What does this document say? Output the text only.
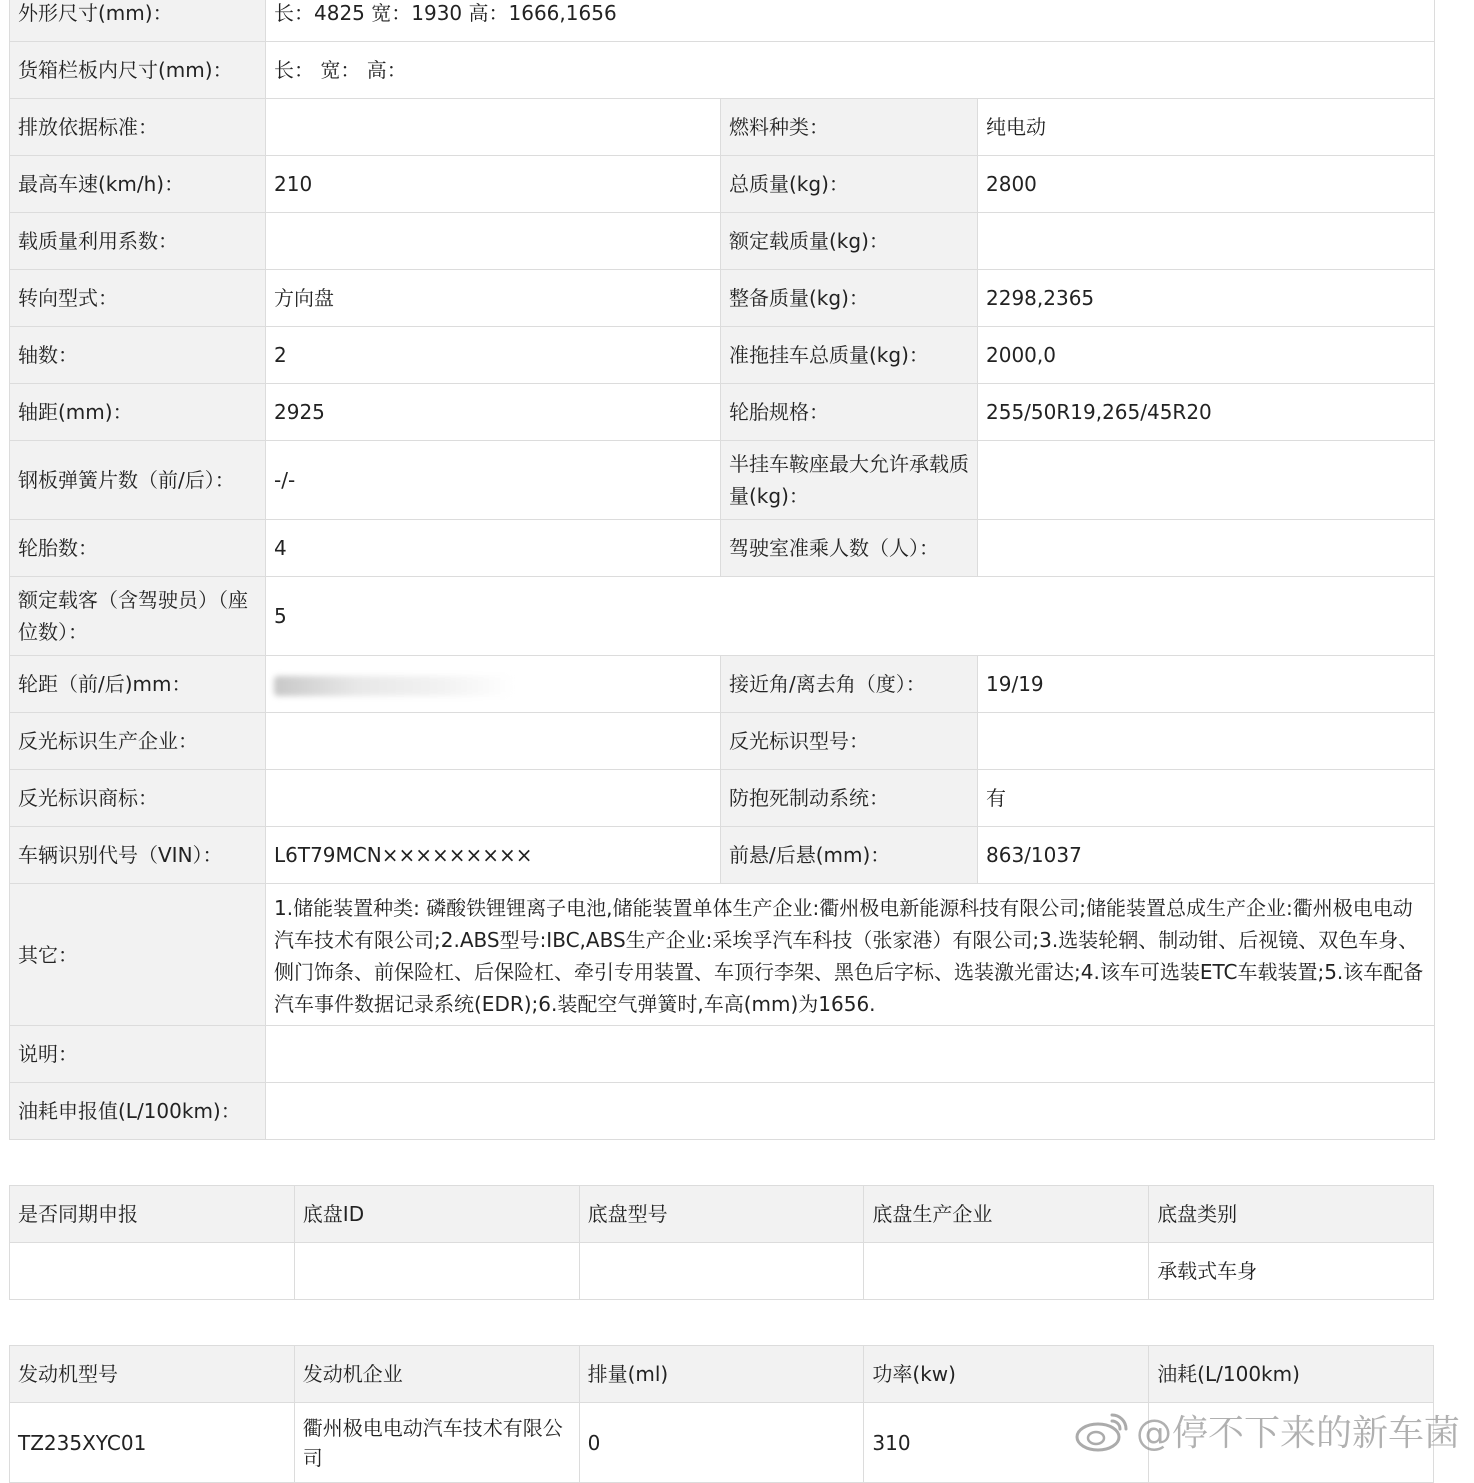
外形尺寸(mm)：	长：4825 宽：1930 高：1666,1656		
货箱栏板内尺寸(mm)：	长： 宽： 高：		
排放依据标准：		燃料种类：	纯电动
最高车速(km/h)：	210	总质量(kg)：	2800
载质量利用系数：		额定载质量(kg)：	
转向型式：	方向盘	整备质量(kg)：	2298,2365
轴数：	2	准拖挂车总质量(kg)：	2000,0
轴距(mm)：	2925	轮胎规格：	255/50R19,265/45R20
钢板弹簧片数（前/后）：	-/-	半挂车鞍座最大允许承载质量(kg)：	
轮胎数：	4	驾驶室准乘人数（人）：	
额定载客（含驾驶员）（座位数）：	5		
轮距（前/后)mm：		接近角/离去角（度）：	19/19
反光标识生产企业：		反光标识型号：	
反光标识商标：		防抱死制动系统：	有
车辆识别代号（VIN）：	L6T79MCN×××××××××	前悬/后悬(mm)：	863/1037
其它：	1.储能装置种类: 磷酸铁锂锂离子电池,储能装置单体生产企业:衢州极电新能源科技有限公司;储能装置总成生产企业:衢州极电电动汽车技术有限公司;2.ABS型号:IBC,ABS生产企业:采埃孚汽车科技（张家港）有限公司;3.选装轮辋、制动钳、后视镜、双色车身、侧门饰条、前保险杠、后保险杠、牵引专用装置、车顶行李架、黑色后字标、选装激光雷达;4.该车可选装ETC车载装置;5.该车配备汽车事件数据记录系统(EDR);6.装配空气弹簧时,车高(mm)为1656.		
说明：			
油耗申报值(L/100km)：			
是否同期申报	底盘ID	底盘型号	底盘生产企业	底盘类别
				承载式车身
发动机型号	发动机企业	排量(ml)	功率(kw)	油耗(L/100km)
TZ235XYC01	衢州极电电动汽车技术有限公司	0	310		@停不下来的新车菌
